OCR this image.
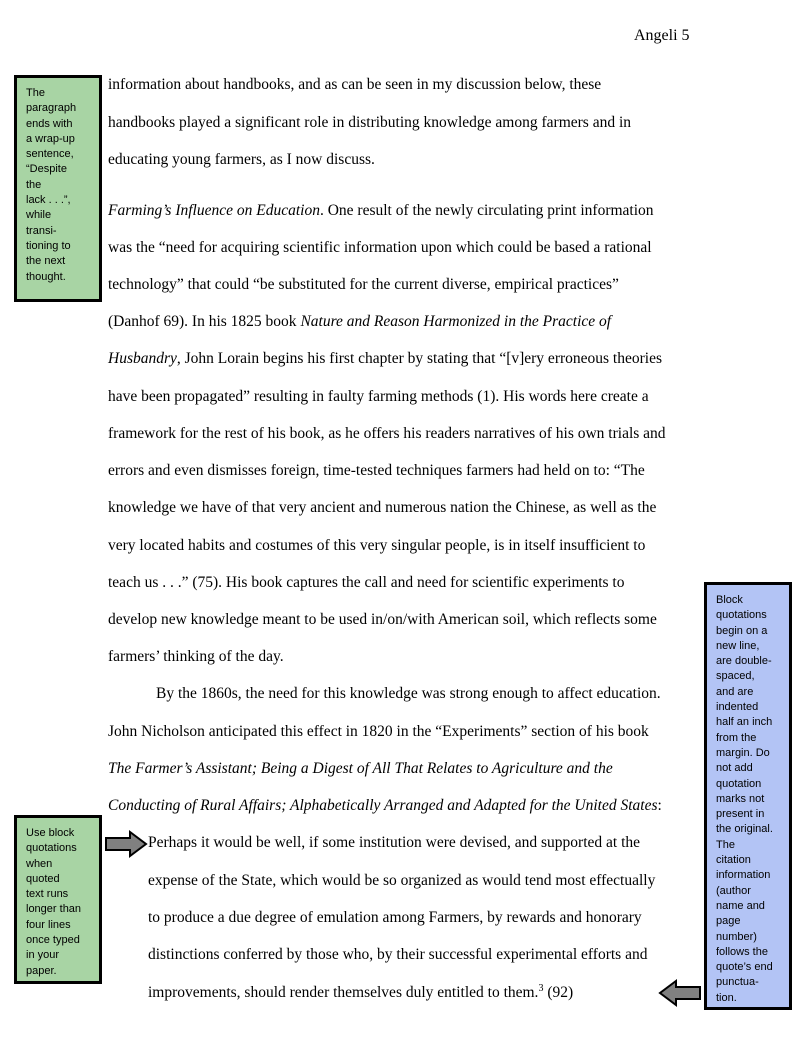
Angeli 5
information about handbooks, and as can be seen in my discussion below, these
handbooks played a significant role in distributing knowledge among farmers and in
educating young farmers, as I now discuss.
Farming’s Influence on Education. One result of the newly circulating print information
was the “need for acquiring scientific information upon which could be based a rational
technology” that could “be substituted for the current diverse, empirical practices”
(Danhof 69). In his 1825 book Nature and Reason Harmonized in the Practice of
Husbandry, John Lorain begins his first chapter by stating that “[v]ery erroneous theories
have been propagated” resulting in faulty farming methods (1). His words here create a
framework for the rest of his book, as he offers his readers narratives of his own trials and
errors and even dismisses foreign, time-tested techniques farmers had held on to: “The
knowledge we have of that very ancient and numerous nation the Chinese, as well as the
very located habits and costumes of this very singular people, is in itself insufficient to
teach us . . .” (75). His book captures the call and need for scientific experiments to
develop new knowledge meant to be used in/on/with American soil, which reflects some
farmers’ thinking of the day.
By the 1860s, the need for this knowledge was strong enough to affect education.
John Nicholson anticipated this effect in 1820 in the “Experiments” section of his book
The Farmer’s Assistant; Being a Digest of All That Relates to Agriculture and the
Conducting of Rural Affairs; Alphabetically Arranged and Adapted for the United States:
Perhaps it would be well, if some institution were devised, and supported at the
expense of the State, which would be so organized as would tend most effectually
to produce a due degree of emulation among Farmers, by rewards and honorary
distinctions conferred by those who, by their successful experimental efforts and
improvements, should render themselves duly entitled to them.$^3$ (92)
The
paragraph
ends with
a wrap-up
sentence,
“Despite
the
lack . . .”,
while
transi-
tioning to
the next
thought.
Use block
quotations
when
quoted
text runs
longer than
four lines
once typed
in your
paper.
Block
quotations
begin on a
new line,
are double-
spaced,
and are
indented
half an inch
from the
margin. Do
not add
quotation
marks not
present in
the original.
The
citation
information
(author
name and
page
number)
follows the
quote’s end
punctua-
tion.
